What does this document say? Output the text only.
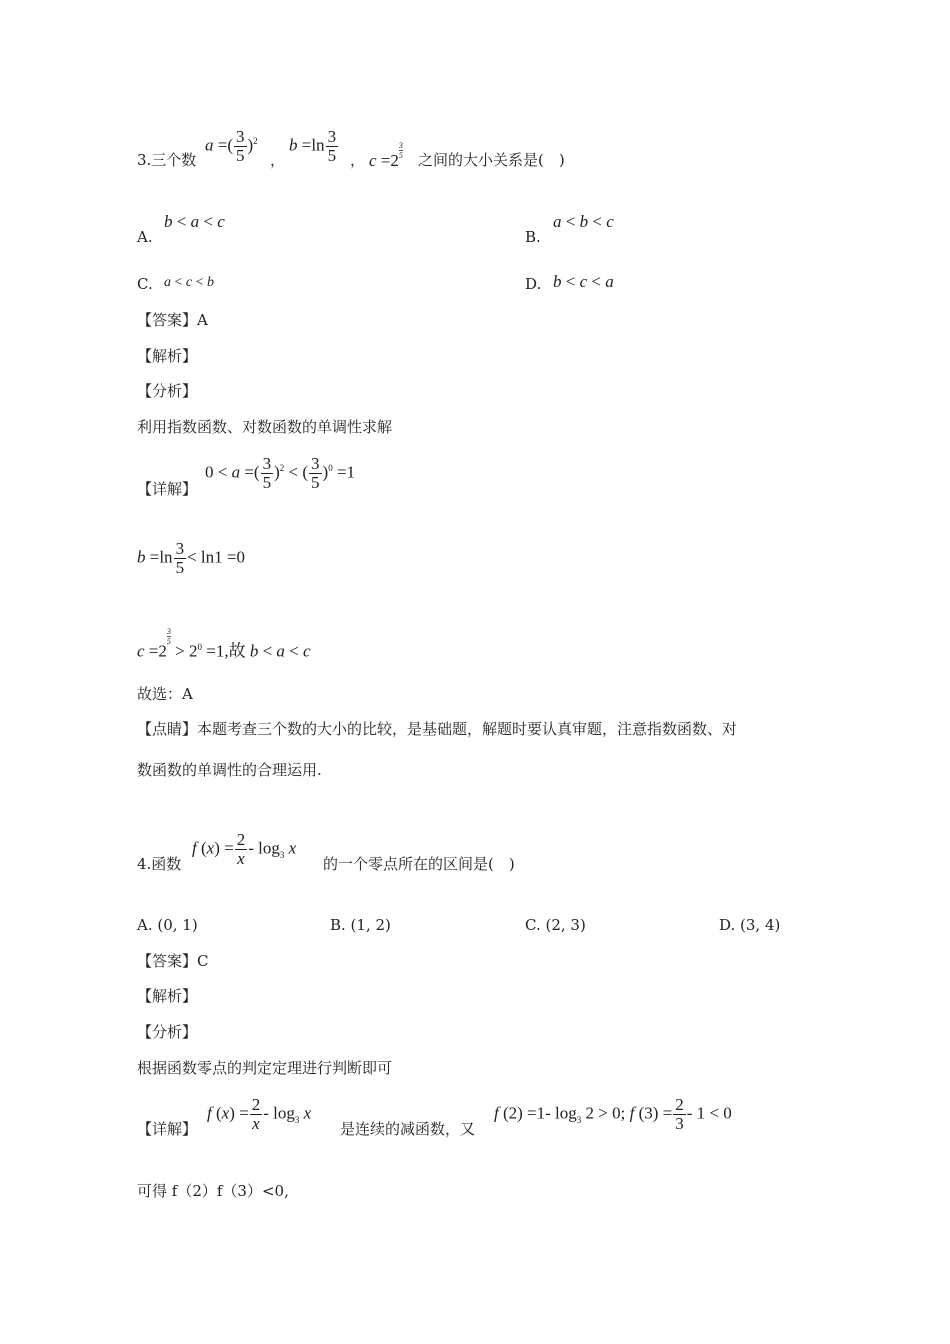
3.三个数
a =( $\frac{3}{5} )^2$
，
$b =\ln \frac{3}{5}$ ， c =2
$\frac{3}{5}$ 之间的大小关系是(　)
A.
b < a < c
B.
a < b < c
C. a < c < b	D. b < c < a
【答案】A
【解析】
【分析】
利用指数函数、对数函数的单调性求解
【详解】
0 < a =( $\frac{3}{5} )^2$ < ( $\frac{3}{5} )^0 =1$
$b =\ln \frac{3}{5} < \ln 1 =0$
c =2
$\frac{3}{5}$
> $2^0 =1$,故 b < a < c
故选：A
【点睛】本题考查三个数的大小的比较，是基础题，解题时要认真审题，注意指数函数、对
数函数的单调性的合理运用.
4.函数
f $(x) = \frac{2}{x} - \log_3 x$
的一个零点所在的区间是(　)
A. (0, 1)	B. (1, 2)	C. (2, 3)	D. (3, 4)
【答案】C
【解析】
【分析】
根据函数零点的判定定理进行判断即可
【详解】
f $(x) = \frac{2}{x} - \log_3 x$
是连续的减函数，又
f (2) =1- $\log_3 2 > 0$; f $(3) = \frac{2}{3} - 1 < 0$
可得 f（2）f（3）<0,
